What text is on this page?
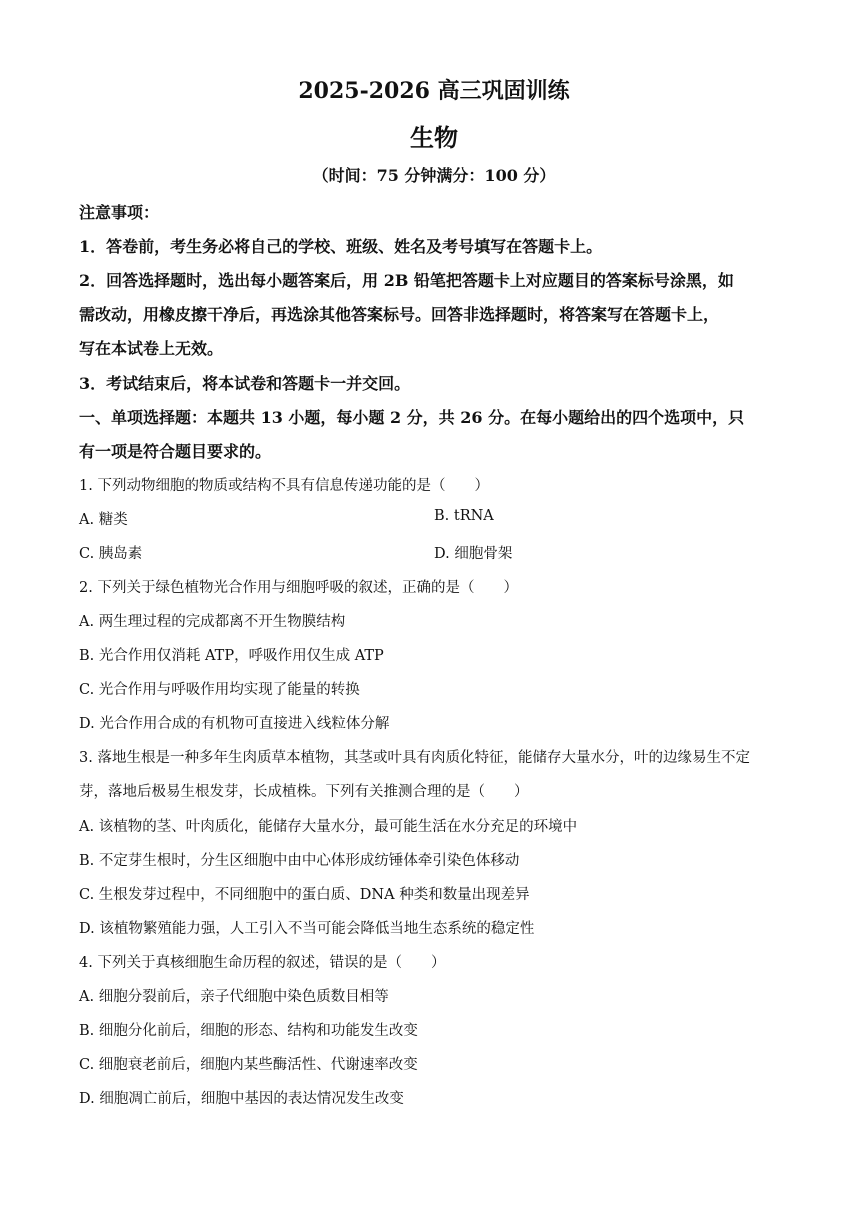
2025-2026 高三巩固训练
生物
（时间：75 分钟满分：100 分）
注意事项：
1．答卷前，考生务必将自己的学校、班级、姓名及考号填写在答题卡上。
2．回答选择题时，选出每小题答案后，用 2B 铅笔把答题卡上对应题目的答案标号涂黑，如
需改动，用橡皮擦干净后，再选涂其他答案标号。回答非选择题时，将答案写在答题卡上，
写在本试卷上无效。
3．考试结束后，将本试卷和答题卡一并交回。
一、单项选择题：本题共 13 小题，每小题 2 分，共 26 分。在每小题给出的四个选项中，只
有一项是符合题目要求的。
1. 下列动物细胞的物质或结构不具有信息传递功能的是（　　）
A. 糖类	B. tRNA
C. 胰岛素	D. 细胞骨架
2. 下列关于绿色植物光合作用与细胞呼吸的叙述，正确的是（　　）
A. 两生理过程的完成都离不开生物膜结构
B. 光合作用仅消耗 ATP，呼吸作用仅生成 ATP
C. 光合作用与呼吸作用均实现了能量的转换
D. 光合作用合成的有机物可直接进入线粒体分解
3. 落地生根是一种多年生肉质草本植物，其茎或叶具有肉质化特征，能储存大量水分，叶的边缘易生不定
芽，落地后极易生根发芽，长成植株。下列有关推测合理的是（　　）
A. 该植物的茎、叶肉质化，能储存大量水分，最可能生活在水分充足的环境中
B. 不定芽生根时，分生区细胞中由中心体形成纺锤体牵引染色体移动
C. 生根发芽过程中，不同细胞中的蛋白质、DNA 种类和数量出现差异
D. 该植物繁殖能力强，人工引入不当可能会降低当地生态系统的稳定性
4. 下列关于真核细胞生命历程的叙述，错误的是（　　）
A. 细胞分裂前后，亲子代细胞中染色质数目相等
B. 细胞分化前后，细胞的形态、结构和功能发生改变
C. 细胞衰老前后，细胞内某些酶活性、代谢速率改变
D. 细胞凋亡前后，细胞中基因的表达情况发生改变
